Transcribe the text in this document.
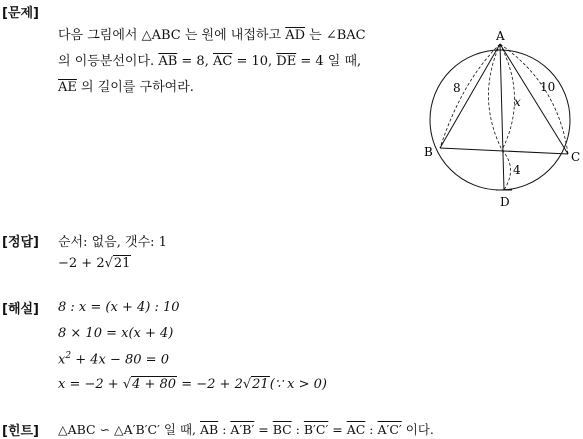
[문제]
다음 그림에서 △ABC 는 원에 내접하고 $\overline{AD}$ 는 ∠BAC
의 이등분선이다. $\overline{AB} = 8$, $\overline{AC} = 10$, $\overline{DE} = 4$ 일 때,
$\overline{AE}$ 의 길이를 구하여라.
A
B	C
D
8	10
x
4
[정답] 순서: 없음, 갯수: 1
−2 + 2√21
[해설] 8 : x = (x + 4) : 10
8 × 10 = x(x + 4)
$x^2 + 4x - 80 = 0$
x = −2 + √4 + 80 = −2 + 2√21(∵ x > 0)
[힌트] △ABC ∽ △A′B′C′ 일 때, $\overline{AB}$ : $A'B' = \overline{BC}$ : $B'C' = \overline{AC}$ : A′C′ 이다.
